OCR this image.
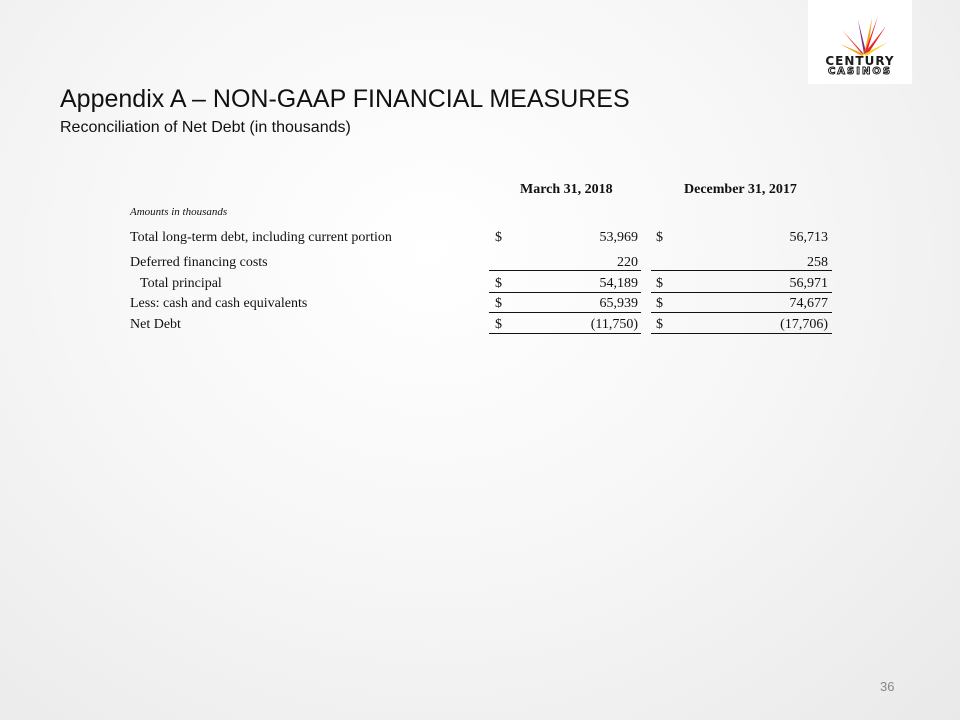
CENTURY
CASINOS
Appendix A – NON-GAAP FINANCIAL MEASURES
Reconciliation of Net Debt (in thousands)
March 31, 2018	December 31, 2017
Amounts in thousands
Total long-term debt, including current portion	$	53,969 $	56,713
Deferred financing costs	220	258
Total principal	$	54,189 $	56,971
Less: cash and cash equivalents	$	65,939 $	74,677
Net Debt	$	(11,750) $	(17,706)
36
